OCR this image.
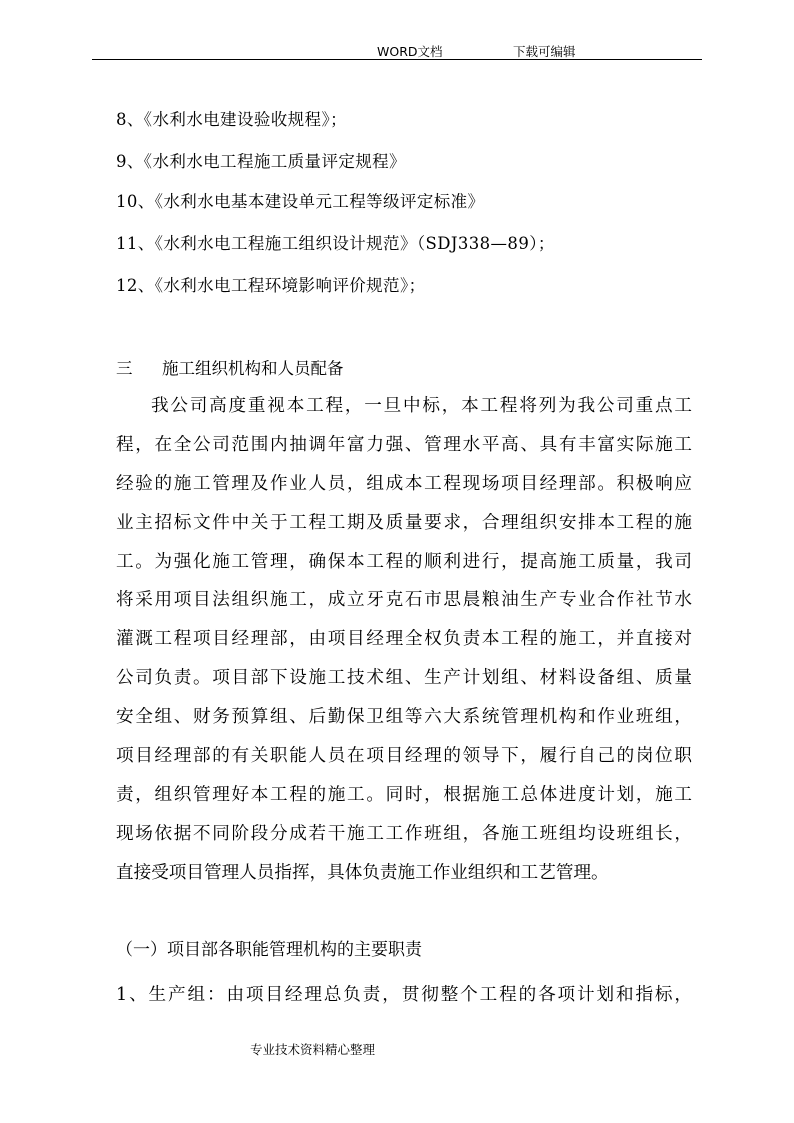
WORD文档	下载可编辑
8、《水利水电建设验收规程》；
9、《水利水电工程施工质量评定规程》
10、《水利水电基本建设单元工程等级评定标准》
11、《水利水电工程施工组织设计规范》（SDJ338—89）；
12、《水利水电工程环境影响评价规范》；
三 施工组织机构和人员配备
我公司高度重视本工程，一旦中标，本工程将列为我公司重点工
程，在全公司范围内抽调年富力强、管理水平高、具有丰富实际施工
经验的施工管理及作业人员，组成本工程现场项目经理部。积极响应
业主招标文件中关于工程工期及质量要求，合理组织安排本工程的施
工。为强化施工管理，确保本工程的顺利进行，提高施工质量，我司
将采用项目法组织施工，成立牙克石市思晨粮油生产专业合作社节水
灌溉工程项目经理部，由项目经理全权负责本工程的施工，并直接对
公司负责。项目部下设施工技术组、生产计划组、材料设备组、质量
安全组、财务预算组、后勤保卫组等六大系统管理机构和作业班组，
项目经理部的有关职能人员在项目经理的领导下，履行自己的岗位职
责，组织管理好本工程的施工。同时，根据施工总体进度计划，施工
现场依据不同阶段分成若干施工工作班组，各施工班组均设班组长，
直接受项目管理人员指挥，具体负责施工作业组织和工艺管理。
（一）项目部各职能管理机构的主要职责
1、生产组：由项目经理总负责，贯彻整个工程的各项计划和指标，
专业技术资料精心整理
